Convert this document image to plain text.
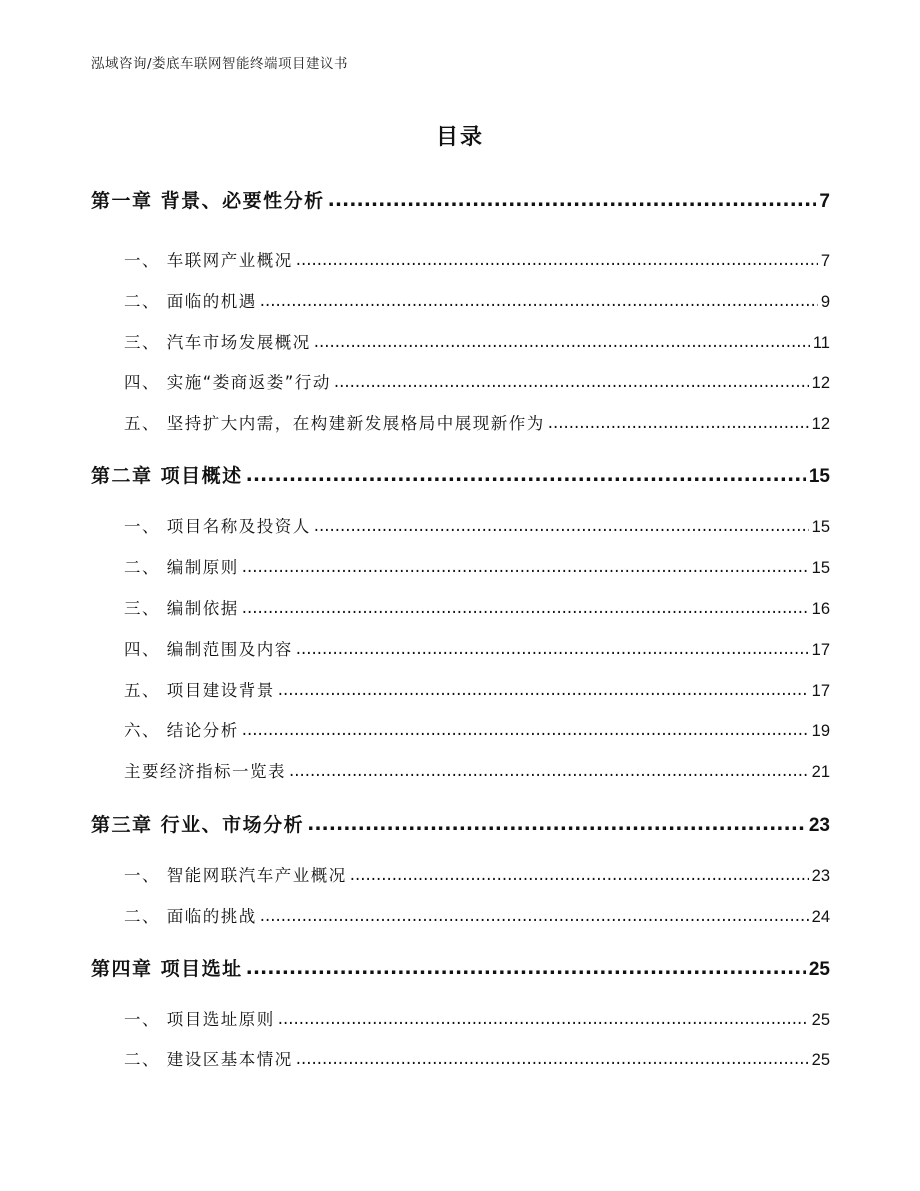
泓域咨询/娄底车联网智能终端项目建议书
目录
第一章 背景、必要性分析 .....	7
一、 车联网产业概况 .....	7
二、 面临的机遇 .....	9
三、 汽车市场发展概况 .....	11
四、 实施“娄商返娄”行动 .....	12
五、 坚持扩大内需，在构建新发展格局中展现新作为 .....	12
第二章 项目概述 .....	15
一、 项目名称及投资人 .....	15
二、 编制原则 .....	15
三、 编制依据 .....	16
四、 编制范围及内容 .....	17
五、 项目建设背景 .....	17
六、 结论分析 .....	19
主要经济指标一览表 .....	21
第三章 行业、市场分析 .....	23
一、 智能网联汽车产业概况 .....	23
二、 面临的挑战 .....	24
第四章 项目选址 .....	25
一、 项目选址原则 .....	25
二、 建设区基本情况 .....	25
